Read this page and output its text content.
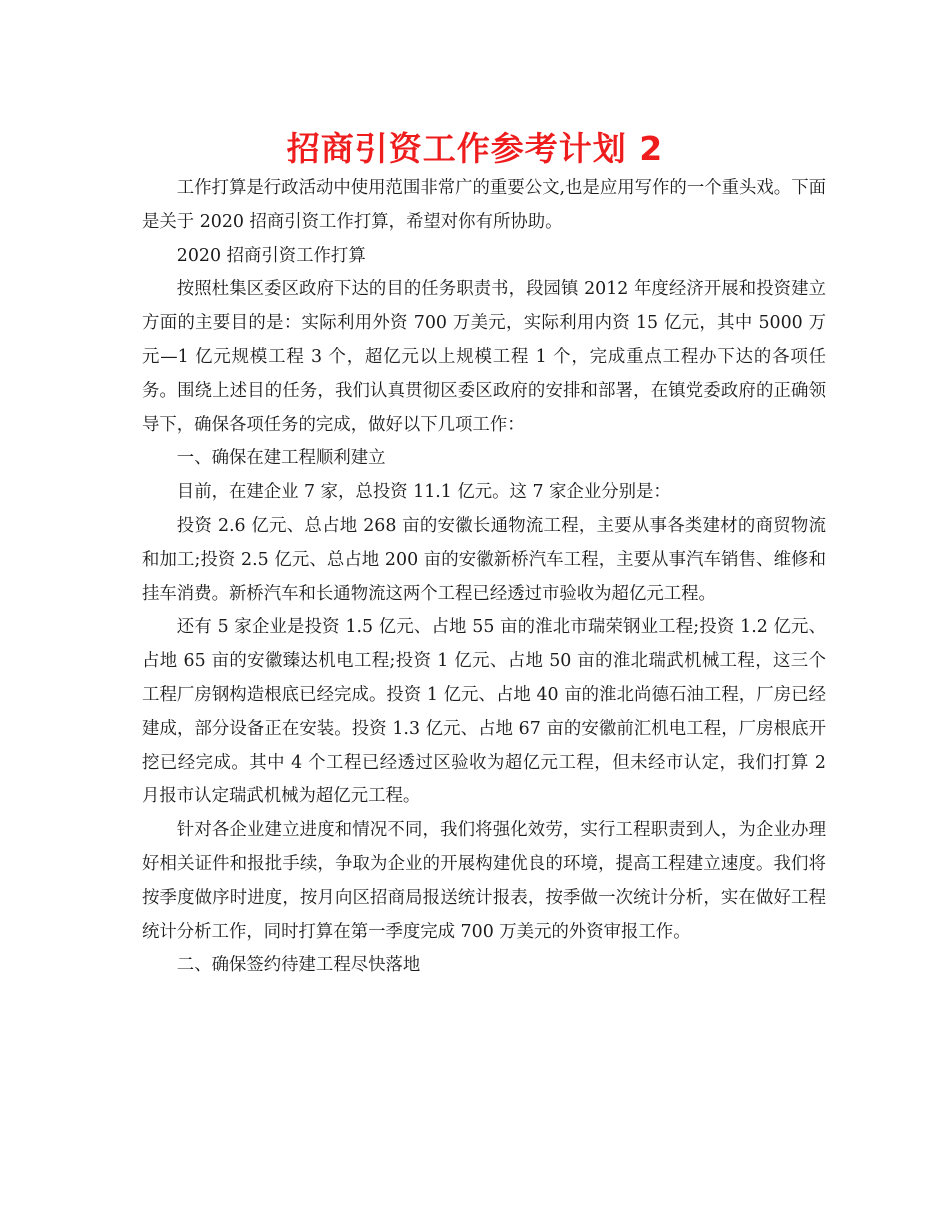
招商引资工作参考计划 2

工作打算是行政活动中使用范围非常广的重要公文,也是应用写作的一个重头戏。下面是关于 2020 招商引资工作打算，希望对你有所协助。

2020 招商引资工作打算

按照杜集区委区政府下达的目的任务职责书，段园镇 2012 年度经济开展和投资建立方面的主要目的是：实际利用外资 700 万美元，实际利用内资 15 亿元，其中 5000 万元—1 亿元规模工程 3 个，超亿元以上规模工程 1 个，完成重点工程办下达的各项任务。围绕上述目的任务，我们认真贯彻区委区政府的安排和部署，在镇党委政府的正确领导下，确保各项任务的完成，做好以下几项工作：

一、确保在建工程顺利建立

目前，在建企业 7 家，总投资 11.1 亿元。这 7 家企业分别是：

投资 2.6 亿元、总占地 268 亩的安徽长通物流工程，主要从事各类建材的商贸物流和加工;投资 2.5 亿元、总占地 200 亩的安徽新桥汽车工程，主要从事汽车销售、维修和挂车消费。新桥汽车和长通物流这两个工程已经透过市验收为超亿元工程。

还有 5 家企业是投资 1.5 亿元、占地 55 亩的淮北市瑞荣钢业工程;投资 1.2 亿元、占地 65 亩的安徽臻达机电工程;投资 1 亿元、占地 50 亩的淮北瑞武机械工程，这三个工程厂房钢构造根底已经完成。投资 1 亿元、占地 40 亩的淮北尚德石油工程，厂房已经建成，部分设备正在安装。投资 1.3 亿元、占地 67 亩的安徽前汇机电工程，厂房根底开挖已经完成。其中 4 个工程已经透过区验收为超亿元工程，但未经市认定，我们打算 2 月报市认定瑞武机械为超亿元工程。

针对各企业建立进度和情况不同，我们将强化效劳，实行工程职责到人，为企业办理好相关证件和报批手续，争取为企业的开展构建优良的环境，提高工程建立速度。我们将按季度做序时进度，按月向区招商局报送统计报表，按季做一次统计分析，实在做好工程统计分析工作，同时打算在第一季度完成 700 万美元的外资审报工作。

二、确保签约待建工程尽快落地
